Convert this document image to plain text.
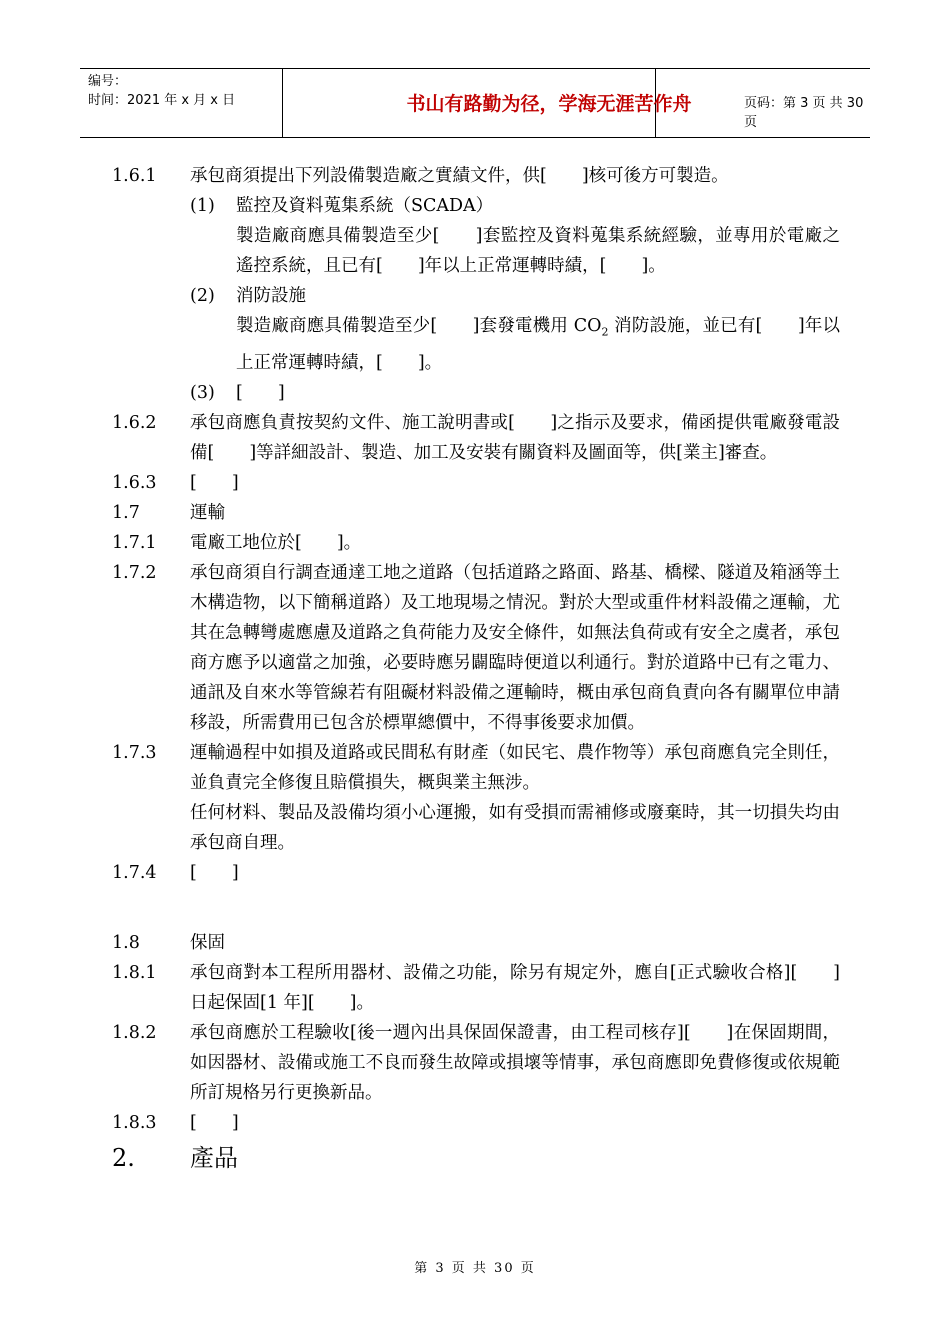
编号：
时间：2021 年 x 月 x 日	书山有路勤为径，学海无涯苦作舟	页码：第 3 页 共 30 页
1.6.1	承包商須提出下列設備製造廠之實績文件，供[　　]核可後方可製造。
(1)	監控及資料蒐集系統（SCADA）
製造廠商應具備製造至少[　　]套監控及資料蒐集系統經驗，並專用於電廠之遙控系統，且已有[　　]年以上正常運轉時績，[　　]。
(2)	消防設施
製造廠商應具備製造至少[　　]套發電機用 $CO_2$ 消防設施，並已有[　　]年以上正常運轉時績，[　　]。
(3)	[　　]
1.6.2	承包商應負責按契約文件、施工說明書或[　　]之指示及要求，備函提供電廠發電設備[　　]等詳細設計、製造、加工及安裝有關資料及圖面等，供[業主]審查。
1.6.3	[　　]
1.7	運輸
1.7.1	電廠工地位於[　　]。
1.7.2	承包商須自行調查通達工地之道路（包括道路之路面、路基、橋樑、隧道及箱涵等土木構造物，以下簡稱道路）及工地現場之情況。對於大型或重件材料設備之運輸，尤其在急轉彎處應慮及道路之負荷能力及安全條件，如無法負荷或有安全之虞者，承包商方應予以適當之加強，必要時應另闢臨時便道以利通行。對於道路中已有之電力、通訊及自來水等管線若有阻礙材料設備之運輸時，概由承包商負責向各有關單位申請移設，所需費用已包含於標單總價中，不得事後要求加價。
1.7.3	運輸過程中如損及道路或民間私有財產（如民宅、農作物等）承包商應負完全則任，並負責完全修復且賠償損失，概與業主無涉。
任何材料、製品及設備均須小心運搬，如有受損而需補修或廢棄時，其一切損失均由承包商自理。
1.7.4	[　　]
1.8	保固
1.8.1	承包商對本工程所用器材、設備之功能，除另有規定外，應自[正式驗收合格][　　]日起保固[1 年][　　]。
1.8.2	承包商應於工程驗收[後一週內出具保固保證書，由工程司核存][　　]在保固期間，如因器材、設備或施工不良而發生故障或損壞等情事，承包商應即免費修復或依規範所訂規格另行更換新品。
1.8.3	[　　]
2.	產品
第 3 页 共 30 页
